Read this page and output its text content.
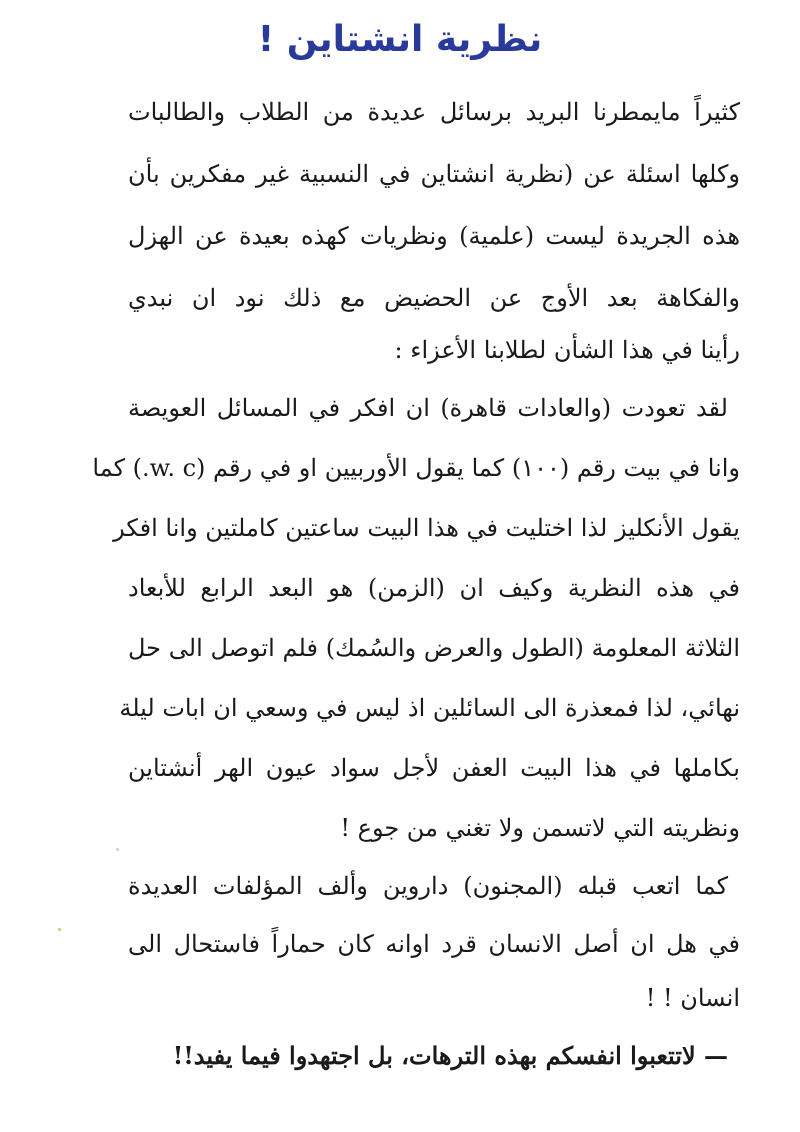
نظرية انشتاين !
كثيراً مايمطرنا البريد برسائل عديدة من الطلاب والطالبات
وكلها اسئلة عن (نظرية انشتاين في النسبية غير مفكرين بأن
هذه الجريدة ليست (علمية) ونظريات كهذه بعيدة عن الهزل
والفكاهة بعد الأوج عن الحضيض مع ذلك نود ان نبدي
رأينا في هذا الشأن لطلابنا الأعزاء :
لقد تعودت (والعادات قاهرة) ان افكر في المسائل العويصة
وانا في بيت رقم (١٠٠) كما يقول الأوربيين او في رقم (w. c.) كما
يقول الأنكليز لذا اختليت في هذا البيت ساعتين كاملتين وانا افكر
في هذه النظرية وكيف ان (الزمن) هو البعد الرابع للأبعاد
الثلاثة المعلومة (الطول والعرض والسُمك) فلم اتوصل الى حل
نهائي، لذا فمعذرة الى السائلين اذ ليس في وسعي ان ابات ليلة
بكاملها في هذا البيت العفن لأجل سواد عيون الهر أنشتاين
ونظريته التي لاتسمن ولا تغني من جوع !
كما اتعب قبله (المجنون) داروين وألف المؤلفات العديدة
في هل ان أصل الانسان قرد اوانه كان حماراً فاستحال الى
انسان ! !
— لاتتعبوا انفسكم بهذه الترهات، بل اجتهدوا فيما يفيد!!
